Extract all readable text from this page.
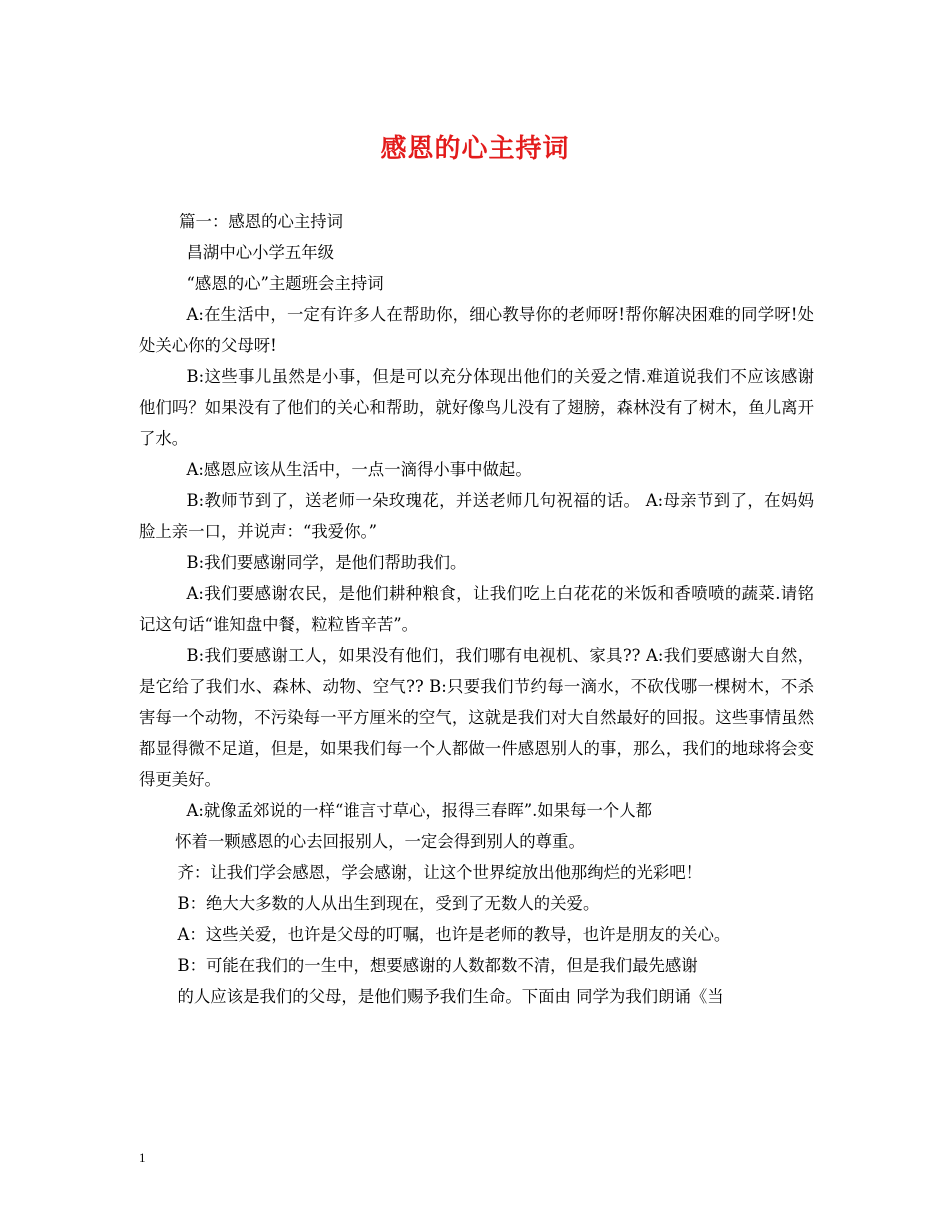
感恩的心主持词

篇一：感恩的心主持词

昌湖中心小学五年级

“感恩的心”主题班会主持词

A:在生活中，一定有许多人在帮助你，细心教导你的老师呀!帮你解决困难的同学呀!处处关心你的父母呀!

B:这些事儿虽然是小事，但是可以充分体现出他们的关爱之情.难道说我们不应该感谢他们吗？如果没有了他们的关心和帮助，就好像鸟儿没有了翅膀，森林没有了树木，鱼儿离开了水。

A:感恩应该从生活中，一点一滴得小事中做起。

B:教师节到了，送老师一朵玫瑰花，并送老师几句祝福的话。 A:母亲节到了，在妈妈脸上亲一口，并说声：“我爱你。”

B:我们要感谢同学，是他们帮助我们。

A:我们要感谢农民，是他们耕种粮食，让我们吃上白花花的米饭和香喷喷的蔬菜.请铭记这句话“谁知盘中餐，粒粒皆辛苦”。

B:我们要感谢工人，如果没有他们，我们哪有电视机、家具?? A:我们要感谢大自然，是它给了我们水、森林、动物、空气?? B:只要我们节约每一滴水，不砍伐哪一棵树木，不杀害每一个动物，不污染每一平方厘米的空气，这就是我们对大自然最好的回报。这些事情虽然都显得微不足道，但是，如果我们每一个人都做一件感恩别人的事，那么，我们的地球将会变得更美好。

A:就像孟郊说的一样“谁言寸草心，报得三春晖”.如果每一个人都

怀着一颗感恩的心去回报别人，一定会得到别人的尊重。

齐：让我们学会感恩，学会感谢，让这个世界绽放出他那绚烂的光彩吧！

B：绝大大多数的人从出生到现在，受到了无数人的关爱。

A：这些关爱，也许是父母的叮嘱，也许是老师的教导，也许是朋友的关心。

B：可能在我们的一生中，想要感谢的人数都数不清，但是我们最先感谢

的人应该是我们的父母，是他们赐予我们生命。下面由 同学为我们朗诵《当

1
